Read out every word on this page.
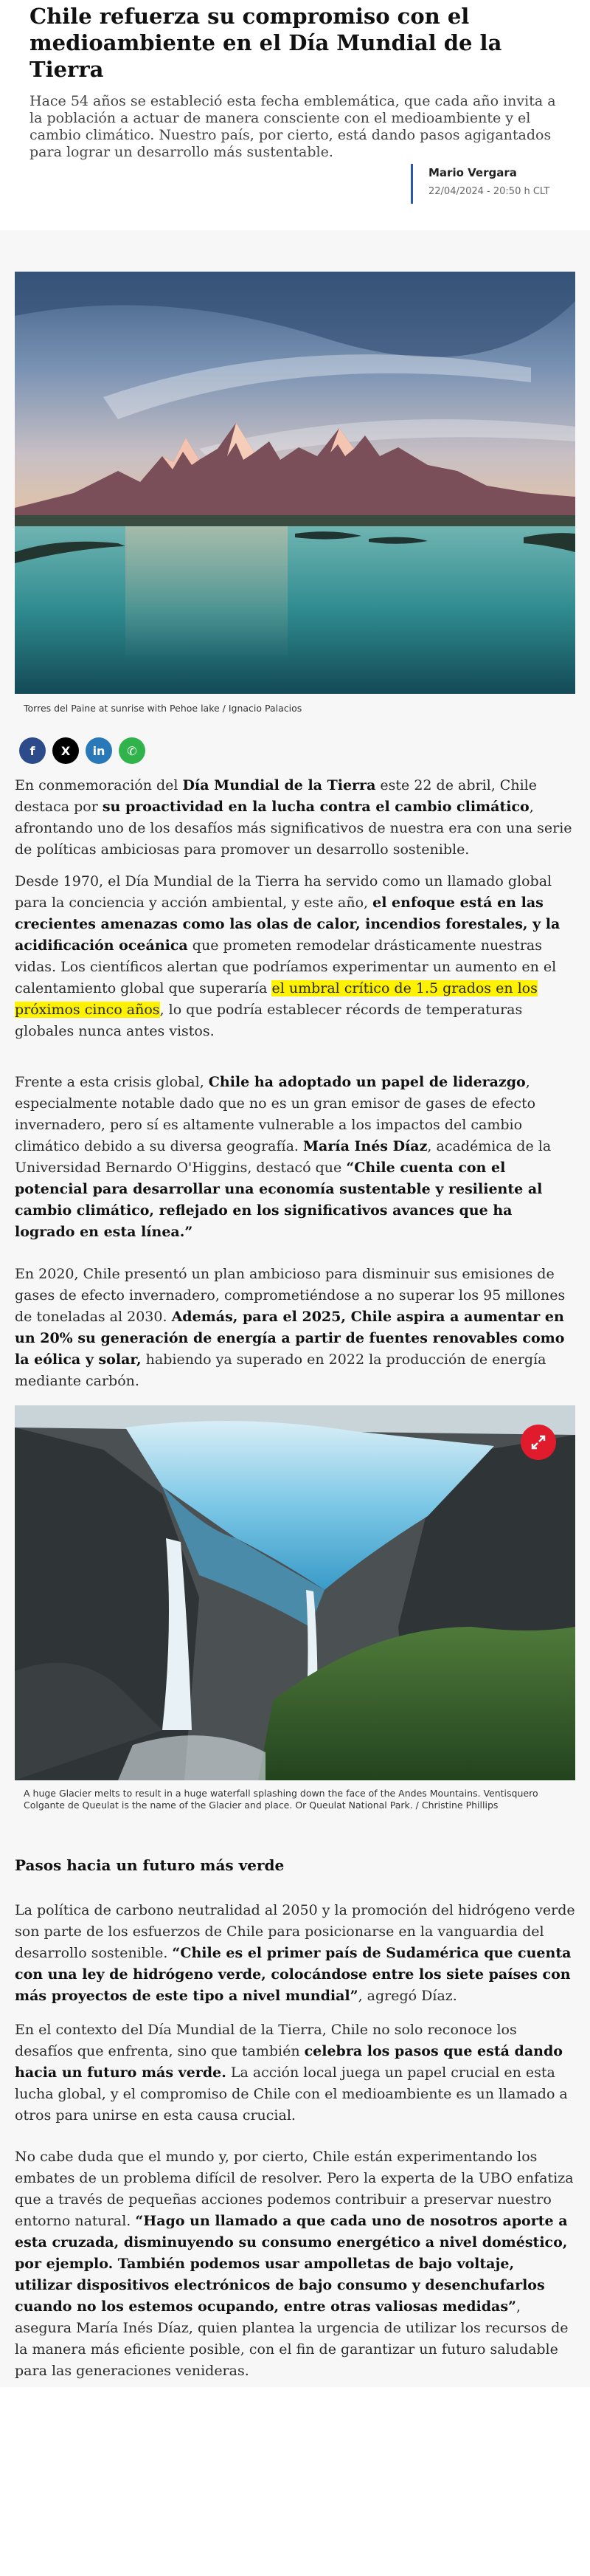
Chile refuerza su compromiso con el medioambiente en el Día Mundial de la Tierra

Hace 54 años se estableció esta fecha emblemática, que cada año invita a la población a actuar de manera consciente con el medioambiente y el cambio climático. Nuestro país, por cierto, está dando pasos agigantados para lograr un desarrollo más sustentable.

Mario Vergara
22/04/2024 - 20:50 h CLT
Torres del Paine at sunrise with Pehoe lake / Ignacio Palacios
f	X	in	✆

En conmemoración del Día Mundial de la Tierra este 22 de abril, Chile destaca por su proactividad en la lucha contra el cambio climático, afrontando uno de los desafíos más significativos de nuestra era con una serie de políticas ambiciosas para promover un desarrollo sostenible.

Desde 1970, el Día Mundial de la Tierra ha servido como un llamado global para la conciencia y acción ambiental, y este año, el enfoque está en las crecientes amenazas como las olas de calor, incendios forestales, y la acidificación oceánica que prometen remodelar drásticamente nuestras vidas. Los científicos alertan que podríamos experimentar un aumento en el calentamiento global que superaría el umbral crítico de 1.5 grados en los próximos cinco años, lo que podría establecer récords de temperaturas globales nunca antes vistos.

Frente a esta crisis global, Chile ha adoptado un papel de liderazgo, especialmente notable dado que no es un gran emisor de gases de efecto invernadero, pero sí es altamente vulnerable a los impactos del cambio climático debido a su diversa geografía. María Inés Díaz, académica de la Universidad Bernardo O'Higgins, destacó que “Chile cuenta con el potencial para desarrollar una economía sustentable y resiliente al cambio climático, reflejado en los significativos avances que ha logrado en esta línea.”

En 2020, Chile presentó un plan ambicioso para disminuir sus emisiones de gases de efecto invernadero, comprometiéndose a no superar los 95 millones de toneladas al 2030. Además, para el 2025, Chile aspira a aumentar en un 20% su generación de energía a partir de fuentes renovables como la eólica y solar, habiendo ya superado en 2022 la producción de energía mediante carbón.

A huge Glacier melts to result in a huge waterfall splashing down the face of the Andes Mountains. Ventisquero Colgante de Queulat is the name of the Glacier and place. Or Queulat National Park. / Christine Phillips
Pasos hacia un futuro más verde

La política de carbono neutralidad al 2050 y la promoción del hidrógeno verde son parte de los esfuerzos de Chile para posicionarse en la vanguardia del desarrollo sostenible. “Chile es el primer país de Sudamérica que cuenta con una ley de hidrógeno verde, colocándose entre los siete países con más proyectos de este tipo a nivel mundial”, agregó Díaz.

En el contexto del Día Mundial de la Tierra, Chile no solo reconoce los desafíos que enfrenta, sino que también celebra los pasos que está dando hacia un futuro más verde. La acción local juega un papel crucial en esta lucha global, y el compromiso de Chile con el medioambiente es un llamado a otros para unirse en esta causa crucial.

No cabe duda que el mundo y, por cierto, Chile están experimentando los embates de un problema difícil de resolver. Pero la experta de la UBO enfatiza que a través de pequeñas acciones podemos contribuir a preservar nuestro entorno natural. “Hago un llamado a que cada uno de nosotros aporte a esta cruzada, disminuyendo su consumo energético a nivel doméstico, por ejemplo. También podemos usar ampolletas de bajo voltaje, utilizar dispositivos electrónicos de bajo consumo y desenchufarlos cuando no los estemos ocupando, entre otras valiosas medidas”, asegura María Inés Díaz, quien plantea la urgencia de utilizar los recursos de la manera más eficiente posible, con el fin de garantizar un futuro saludable para las generaciones venideras.
